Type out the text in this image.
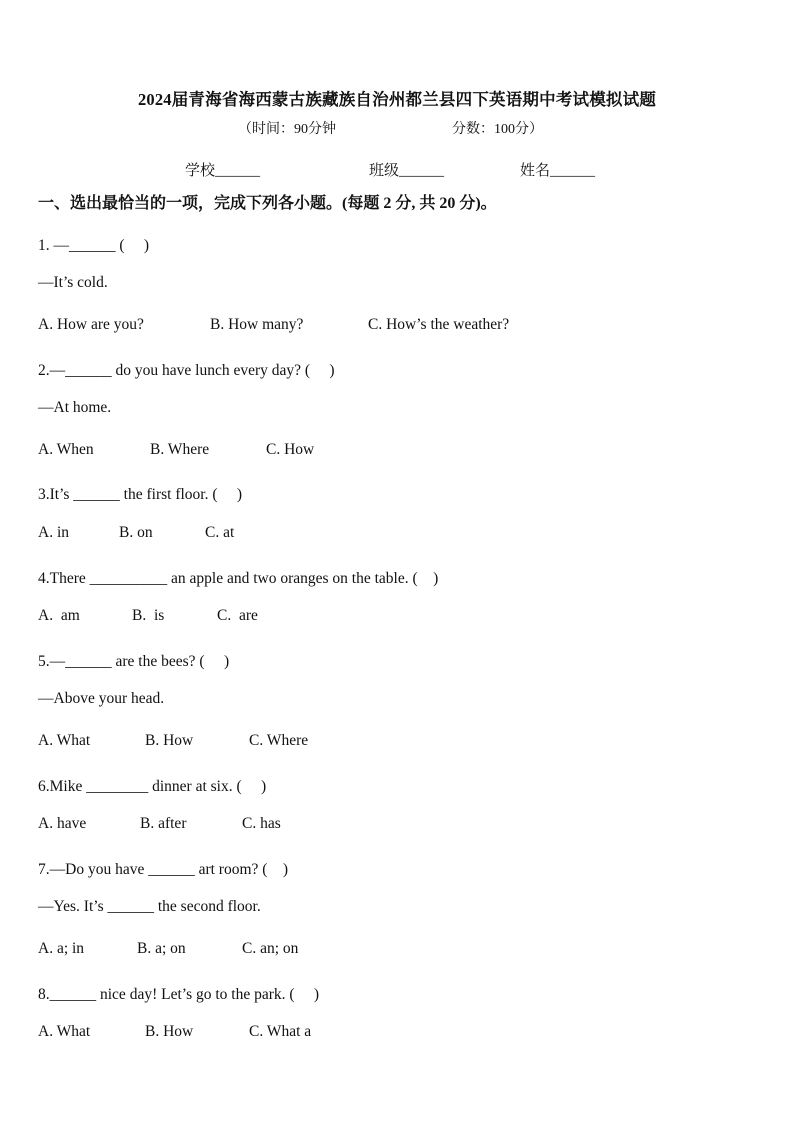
2024届青海省海西蒙古族藏族自治州都兰县四下英语期中考试模拟试题
（时间：90分钟	分数：100分）
学校______	班级______	姓名______
一、选出最恰当的一项，完成下列各小题。(每题 2 分, 共 20 分)。
1. —______ (　 )
—It’s cold.
A. How are you?	B. How many?	C. How’s the weather?
2.—______ do you have lunch every day? (　 )
—At home.
A. When	B. Where	C. How
3.It’s ______ the first floor. (　 )
A. in	B. on	C. at
4.There __________ an apple and two oranges on the table. (　)
A.  am	B.  is	C.  are
5.—______ are the bees? (　 )
—Above your head.
A. What	B. How	C. Where
6.Mike ________ dinner at six. (　 )
A. have	B. after	C. has
7.—Do you have ______ art room? (　)
—Yes. It’s ______ the second floor.
A. a; in	B. a; on	C. an; on
8.______ nice day! Let’s go to the park. (　 )
A. What	B. How	C. What a
